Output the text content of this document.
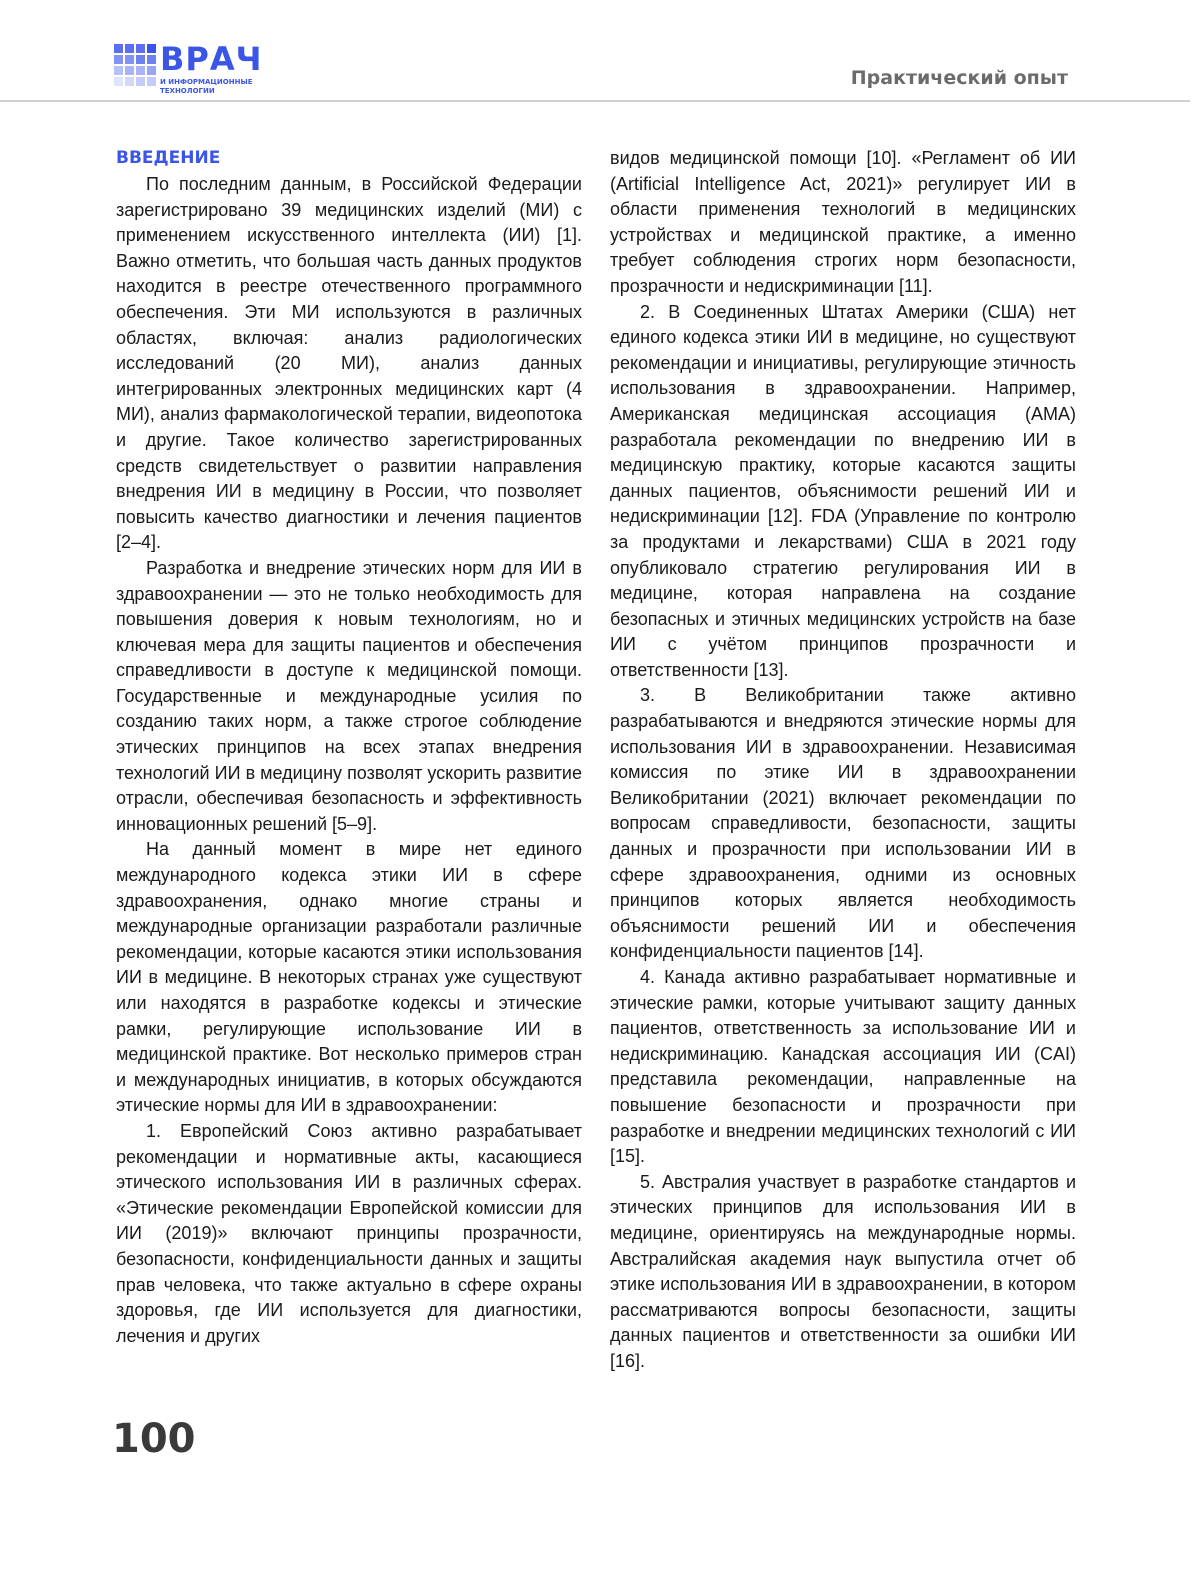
ВРАЧ
И ИНФОРМАЦИОННЫЕ
ТЕХНОЛОГИИ
Практический опыт
ВВЕДЕНИЕ

По последним данным, в Российской Федерации зарегистрировано 39 медицинских изделий (МИ) с применением искусственного интеллекта (ИИ) [1]. Важно отметить, что большая часть данных продуктов находится в реестре отечественного программного обеспечения. Эти МИ используются в различных областях, включая: анализ радиологических исследований (20 МИ), анализ данных интегрированных электронных медицинских карт (4 МИ), анализ фармакологической терапии, видеопотока и другие. Такое количество зарегистрированных средств свидетельствует о развитии направления внедрения ИИ в медицину в России, что позволяет повысить качество диагностики и лечения пациентов [2–4].

Разработка и внедрение этических норм для ИИ в здравоохранении — это не только необходимость для повышения доверия к новым технологиям, но и ключевая мера для защиты пациентов и обеспечения справедливости в доступе к медицинской помощи. Государственные и международные усилия по созданию таких норм, а также строгое соблюдение этических принципов на всех этапах внедрения технологий ИИ в медицину позволят ускорить развитие отрасли, обеспечивая безопасность и эффективность инновационных решений [5–9].

На данный момент в мире нет единого международного кодекса этики ИИ в сфере здравоохранения, однако многие страны и международные организации разработали различные рекомендации, которые касаются этики использования ИИ в медицине. В некоторых странах уже существуют или находятся в разработке кодексы и этические рамки, регулирующие использование ИИ в медицинской практике. Вот несколько примеров стран и международных инициатив, в которых обсуждаются этические нормы для ИИ в здравоохранении:

1. Европейский Союз активно разрабатывает рекомендации и нормативные акты, касающиеся этического использования ИИ в различных сферах. «Этические рекомендации Европейской комиссии для ИИ (2019)» включают принципы прозрачности, безопасности, конфиденциальности данных и защиты прав человека, что также актуально в сфере охраны здоровья, где ИИ используется для диагностики, лечения и других

видов медицинской помощи [10]. «Регламент об ИИ (Artificial Intelligence Act, 2021)» регулирует ИИ в области применения технологий в медицинских устройствах и медицинской практике, а именно требует соблюдения строгих норм безопасности, прозрачности и недискриминации [11].

2. В Соединенных Штатах Америки (США) нет единого кодекса этики ИИ в медицине, но существуют рекомендации и инициативы, регулирующие этичность использования в здравоохранении. Например, Американская медицинская ассоциация (AMA) разработала рекомендации по внедрению ИИ в медицинскую практику, которые касаются защиты данных пациентов, объяснимости решений ИИ и недискриминации [12]. FDA (Управление по контролю за продуктами и лекарствами) США в 2021 году опубликовало стратегию регулирования ИИ в медицине, которая направлена на создание безопасных и этичных медицинских устройств на базе ИИ с учётом принципов прозрачности и ответственности [13].

3. В Великобритании также активно разрабатываются и внедряются этические нормы для использования ИИ в здравоохранении. Независимая комиссия по этике ИИ в здравоохранении Великобритании (2021) включает рекомендации по вопросам справедливости, безопасности, защиты данных и прозрачности при использовании ИИ в сфере здравоохранения, одними из основных принципов которых является необходимость объяснимости решений ИИ и обеспечения конфиденциальности пациентов [14].

4. Канада активно разрабатывает нормативные и этические рамки, которые учитывают защиту данных пациентов, ответственность за использование ИИ и недискриминацию. Канадская ассоциация ИИ (CAI) представила рекомендации, направленные на повышение безопасности и прозрачности при разработке и внедрении медицинских технологий с ИИ [15].

5. Австралия участвует в разработке стандартов и этических принципов для использования ИИ в медицине, ориентируясь на международные нормы. Австралийская академия наук выпустила отчет об этике использования ИИ в здравоохранении, в котором рассматриваются вопросы безопасности, защиты данных пациентов и ответственности за ошибки ИИ [16].

100
